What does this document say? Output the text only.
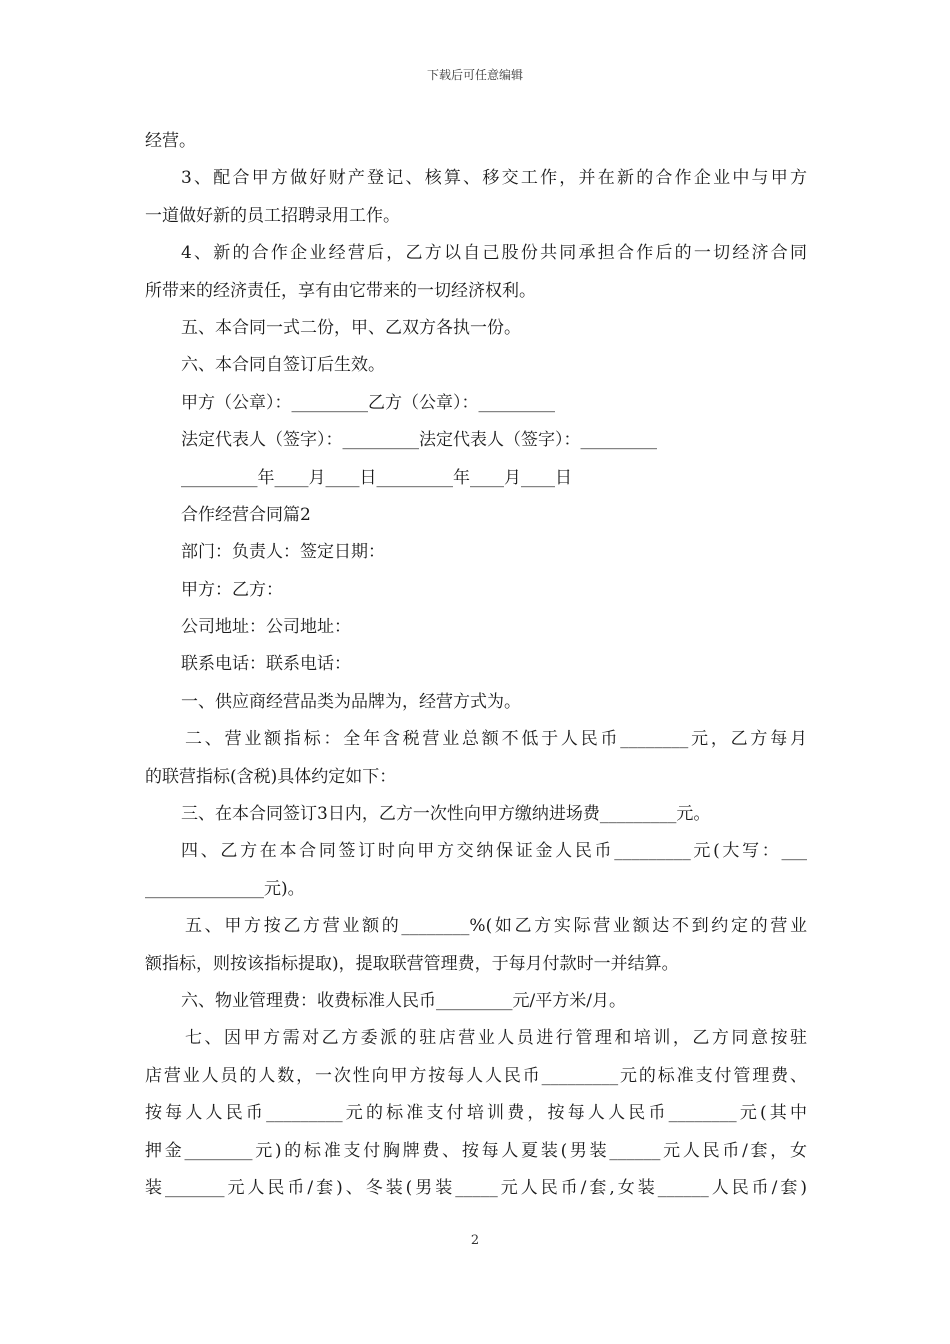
下载后可任意编辑
经营。
3、配合甲方做好财产登记、核算、移交工作，并在新的合作企业中与甲方
一道做好新的员工招聘录用工作。
4、新的合作企业经营后，乙方以自己股份共同承担合作后的一切经济合同
所带来的经济责任，享有由它带来的一切经济权利。
五、本合同一式二份，甲、乙双方各执一份。
六、本合同自签订后生效。
甲方（公章）：_________乙方（公章）：_________
法定代表人（签字）：_________法定代表人（签字）：_________
_________年____月____日_________年____月____日
合作经营合同篇2
部门：负责人：签定日期：
甲方：乙方：
公司地址：公司地址：
联系电话：联系电话：
一、供应商经营品类为品牌为，经营方式为。
二、营业额指标：全年含税营业总额不低于人民币________元，乙方每月
的联营指标(含税)具体约定如下：
三、在本合同签订3日内，乙方一次性向甲方缴纳进场费_________元。
四、乙方在本合同签订时向甲方交纳保证金人民币_________元(大写：___
______________元)。
五、甲方按乙方营业额的________%(如乙方实际营业额达不到约定的营业
额指标，则按该指标提取)，提取联营管理费，于每月付款时一并结算。
六、物业管理费：收费标准人民币_________元/平方米/月。
七、因甲方需对乙方委派的驻店营业人员进行管理和培训，乙方同意按驻
店营业人员的人数，一次性向甲方按每人人民币_________元的标准支付管理费、
按每人人民币_________元的标准支付培训费，按每人人民币________元(其中
押金________元)的标准支付胸牌费、按每人夏装(男装______元人民币/套，女
装_______元人民币/套)、冬装(男装_____元人民币/套,女装______人民币/套)
2
